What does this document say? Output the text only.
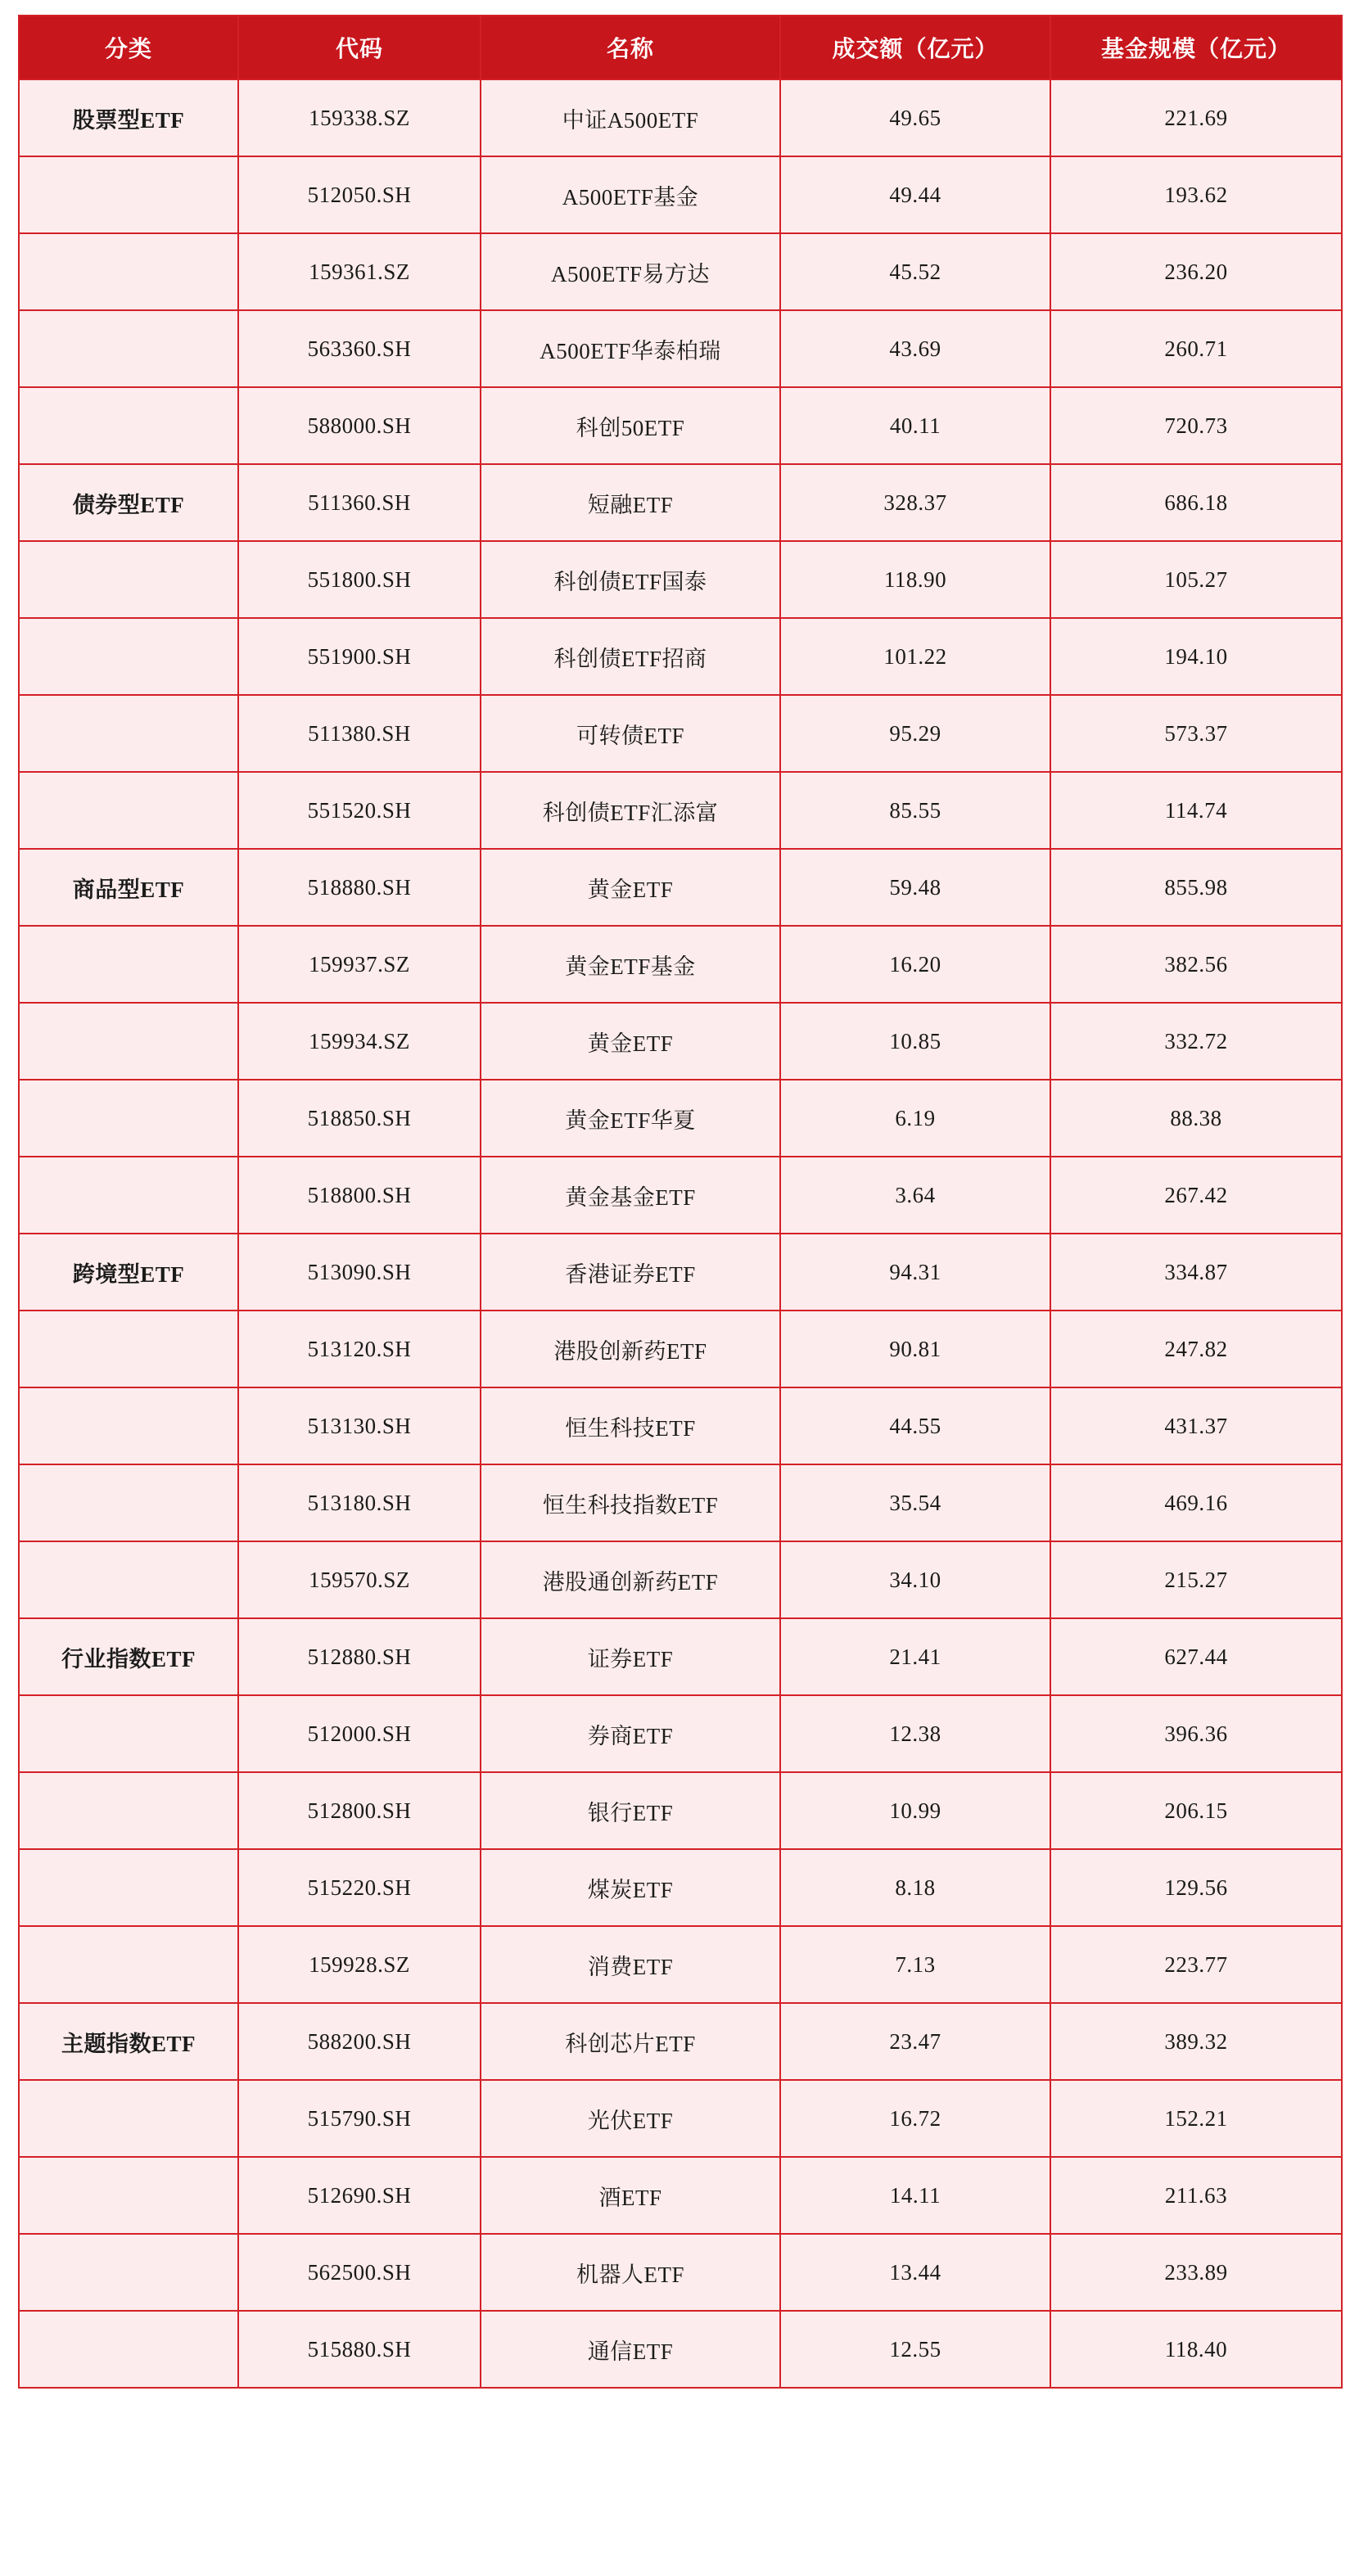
分类	代码	名称	成交额（亿元）	基金规模（亿元）
股票型ETF	159338.SZ	中证A500ETF	49.65	221.69
	512050.SH	A500ETF基金	49.44	193.62
	159361.SZ	A500ETF易方达	45.52	236.20
	563360.SH	A500ETF华泰柏瑞	43.69	260.71
	588000.SH	科创50ETF	40.11	720.73
债券型ETF	511360.SH	短融ETF	328.37	686.18
	551800.SH	科创债ETF国泰	118.90	105.27
	551900.SH	科创债ETF招商	101.22	194.10
	511380.SH	可转债ETF	95.29	573.37
	551520.SH	科创债ETF汇添富	85.55	114.74
商品型ETF	518880.SH	黄金ETF	59.48	855.98
	159937.SZ	黄金ETF基金	16.20	382.56
	159934.SZ	黄金ETF	10.85	332.72
	518850.SH	黄金ETF华夏	6.19	88.38
	518800.SH	黄金基金ETF	3.64	267.42
跨境型ETF	513090.SH	香港证券ETF	94.31	334.87
	513120.SH	港股创新药ETF	90.81	247.82
	513130.SH	恒生科技ETF	44.55	431.37
	513180.SH	恒生科技指数ETF	35.54	469.16
	159570.SZ	港股通创新药ETF	34.10	215.27
行业指数ETF	512880.SH	证券ETF	21.41	627.44
	512000.SH	券商ETF	12.38	396.36
	512800.SH	银行ETF	10.99	206.15
	515220.SH	煤炭ETF	8.18	129.56
	159928.SZ	消费ETF	7.13	223.77
主题指数ETF	588200.SH	科创芯片ETF	23.47	389.32
	515790.SH	光伏ETF	16.72	152.21
	512690.SH	酒ETF	14.11	211.63
	562500.SH	机器人ETF	13.44	233.89
	515880.SH	通信ETF	12.55	118.40
